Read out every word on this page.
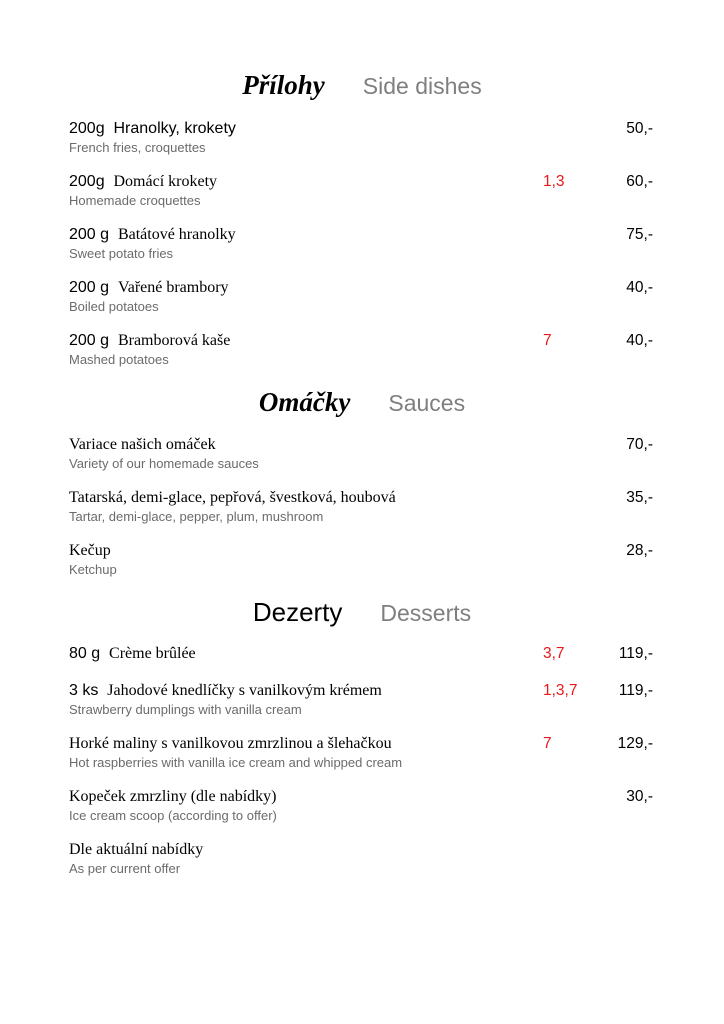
Přílohy Side dishes
200g Hranolky, krokety
French fries, croquettes
50,-
200g Domácí krokety
Homemade croquettes
1,3	60,-
200 g Batátové hranolky
Sweet potato fries
75,-
200 g Vařené brambory
Boiled potatoes
40,-
200 g Bramborová kaše
Mashed potatoes
7	40,-
Omáčky Sauces
Variace našich omáček
Variety of our homemade sauces
70,-
Tatarská, demi-glace, pepřová, švestková, houbová
Tartar, demi-glace, pepper, plum, mushroom
35,-
Kečup
Ketchup
28,-
Dezerty Desserts
80 g Crème brûlée	3,7	119,-
3 ks Jahodové knedlíčky s vanilkovým krémem
Strawberry dumplings with vanilla cream
1,3,7	119,-
Horké maliny s vanilkovou zmrzlinou a šlehačkou
Hot raspberries with vanilla ice cream and whipped cream
7	129,-
Kopeček zmrzliny (dle nabídky)
Ice cream scoop (according to offer)
30,-
Dle aktuální nabídky
As per current offer
